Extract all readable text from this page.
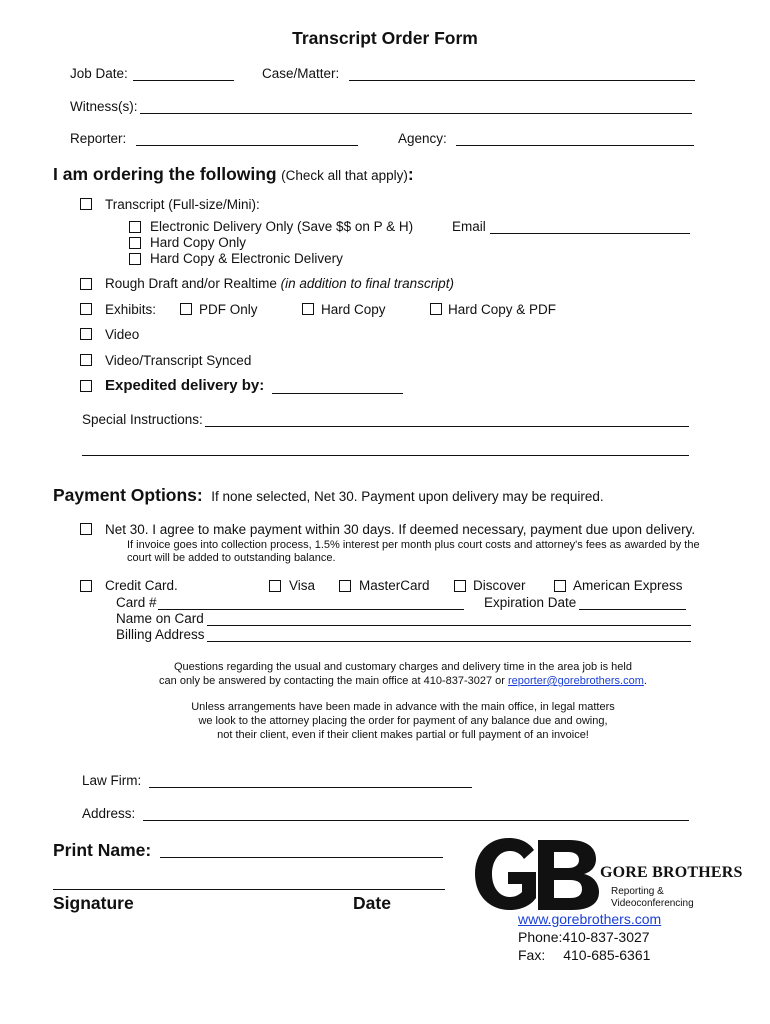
Transcript Order Form
Job Date:	Case/Matter:
Witness(s):
Reporter:	Agency:
I am ordering the following (Check all that apply):
Transcript (Full-size/Mini):
Electronic Delivery Only (Save $$ on P & H)	Email
Hard Copy Only
Hard Copy & Electronic Delivery
Rough Draft and/or Realtime (in addition to final transcript)
Exhibits:	PDF Only	Hard Copy	Hard Copy & PDF
Video
Video/Transcript Synced
Expedited delivery by:
Special Instructions:
Payment Options: If none selected, Net 30. Payment upon delivery may be required.
Net 30. I agree to make payment within 30 days. If deemed necessary, payment due upon delivery.
If invoice goes into collection process, 1.5% interest per month plus court costs and attorney's fees as awarded by the
court will be added to outstanding balance.
Credit Card.	Visa	MasterCard	Discover	American Express
Card #	Expiration Date
Name on Card
Billing Address
Questions regarding the usual and customary charges and delivery time in the area job is held
can only be answered by contacting the main office at 410-837-3027 or reporter@gorebrothers.com.
Unless arrangements have been made in advance with the main office, in legal matters
we look to the attorney placing the order for payment of any balance due and owing,
not their client, even if their client makes partial or full payment of an invoice!
Law Firm:
Address:
Print Name:
Signature	Date
GORE BROTHERS
Reporting &
Videoconferencing
www.gorebrothers.com
Phone:410-837-3027
Fax: 410-685-6361
